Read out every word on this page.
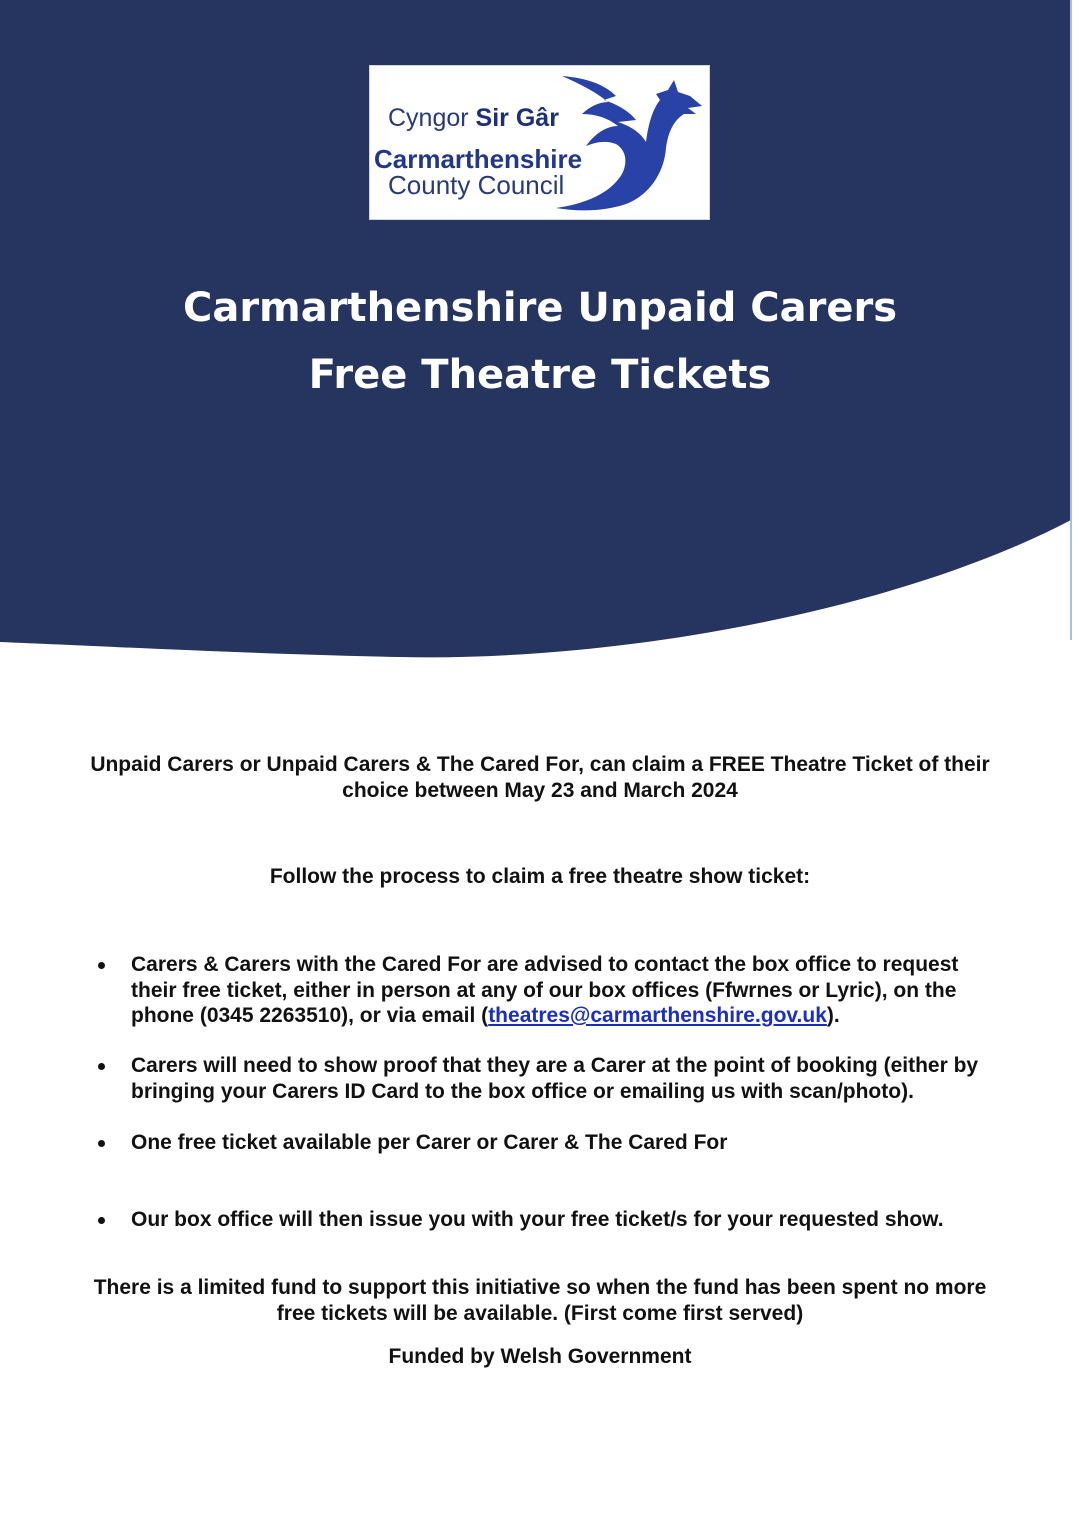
Cyngor Sir Gâr
Carmarthenshire
County Council
Carmarthenshire Unpaid Carers
Free Theatre Tickets
Unpaid Carers or Unpaid Carers & The Cared For, can claim a FREE Theatre Ticket of their
choice between May 23 and March 2024
Follow the process to claim a free theatre show ticket:
Carers & Carers with the Cared For are advised to contact the box office to request
their free ticket, either in person at any of our box offices (Ffwrnes or Lyric), on the
phone (0345 2263510), or via email (theatres@carmarthenshire.gov.uk).
Carers will need to show proof that they are a Carer at the point of booking (either by
bringing your Carers ID Card to the box office or emailing us with scan/photo).
One free ticket available per Carer or Carer & The Cared For
Our box office will then issue you with your free ticket/s for your requested show.
There is a limited fund to support this initiative so when the fund has been spent no more
free tickets will be available. (First come first served)
Funded by Welsh Government
